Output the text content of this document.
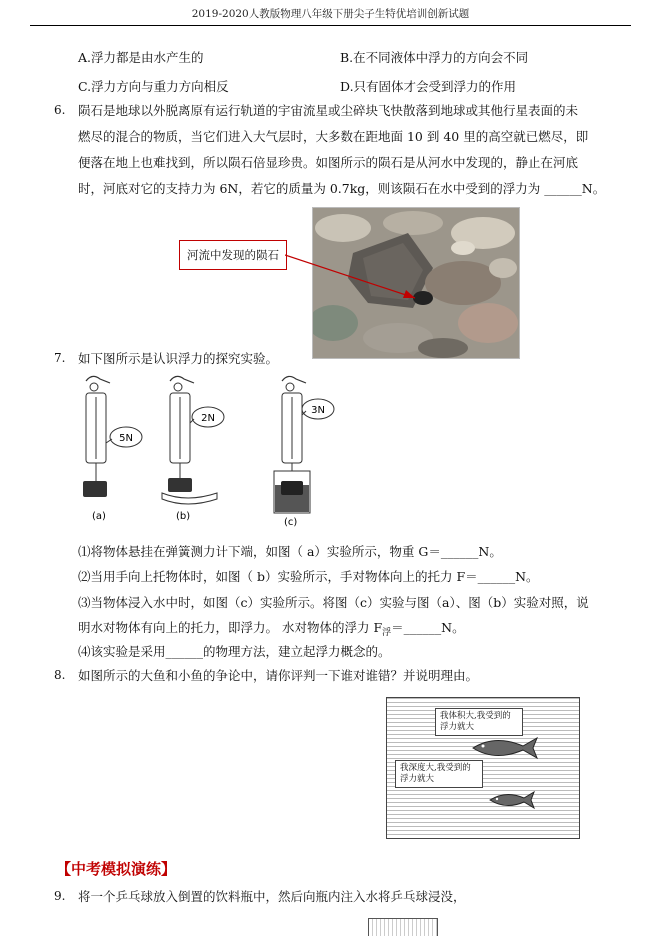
2019-2020人教版物理八年级下册尖子生特优培训创新试题
A.浮力都是由水产生的	B.在不同液体中浮力的方向会不同
C.浮力方向与重力方向相反	D.只有固体才会受到浮力的作用
6. 陨石是地球以外脱离原有运行轨道的宇宙流星或尘碎块飞快散落到地球或其他行星表面的未
燃尽的混合的物质，当它们进入大气层时，大多数在距地面 10 到 40 里的高空就已燃尽，即
便落在地上也难找到，所以陨石倍显珍贵。如图所示的陨石是从河水中发现的，静止在河底
时，河底对它的支持力为 6N，若它的质量为 0.7kg，则该陨石在水中受到的浮力为 ______N。
河流中发现的陨石
7. 如下图所示是认识浮力的探究实验。
5N
(a)
2N
(b)
3N
(c)
⑴将物体悬挂在弹簧测力计下端，如图（ a）实验所示，物重 G＝______N。
⑵当用手向上托物体时，如图（ b）实验所示，手对物体向上的托力 F＝______N。
⑶当物体浸入水中时，如图（c）实验所示。将图（c）实验与图（a）、图（b）实验对照，说
明水对物体有向上的托力，即浮力。 水对物体的浮力 $F_浮=\_\_\_\_\_\_N$。
⑷该实验是采用______的物理方法，建立起浮力概念的。
8. 如图所示的大鱼和小鱼的争论中，请你评判一下谁对谁错？并说明理由。
我体积大,我受到的浮力就大
我深度大,我受到的浮力就大
【中考模拟演练】
9. 将一个乒乓球放入倒置的饮料瓶中，然后向瓶内注入水将乒乓球浸没，
